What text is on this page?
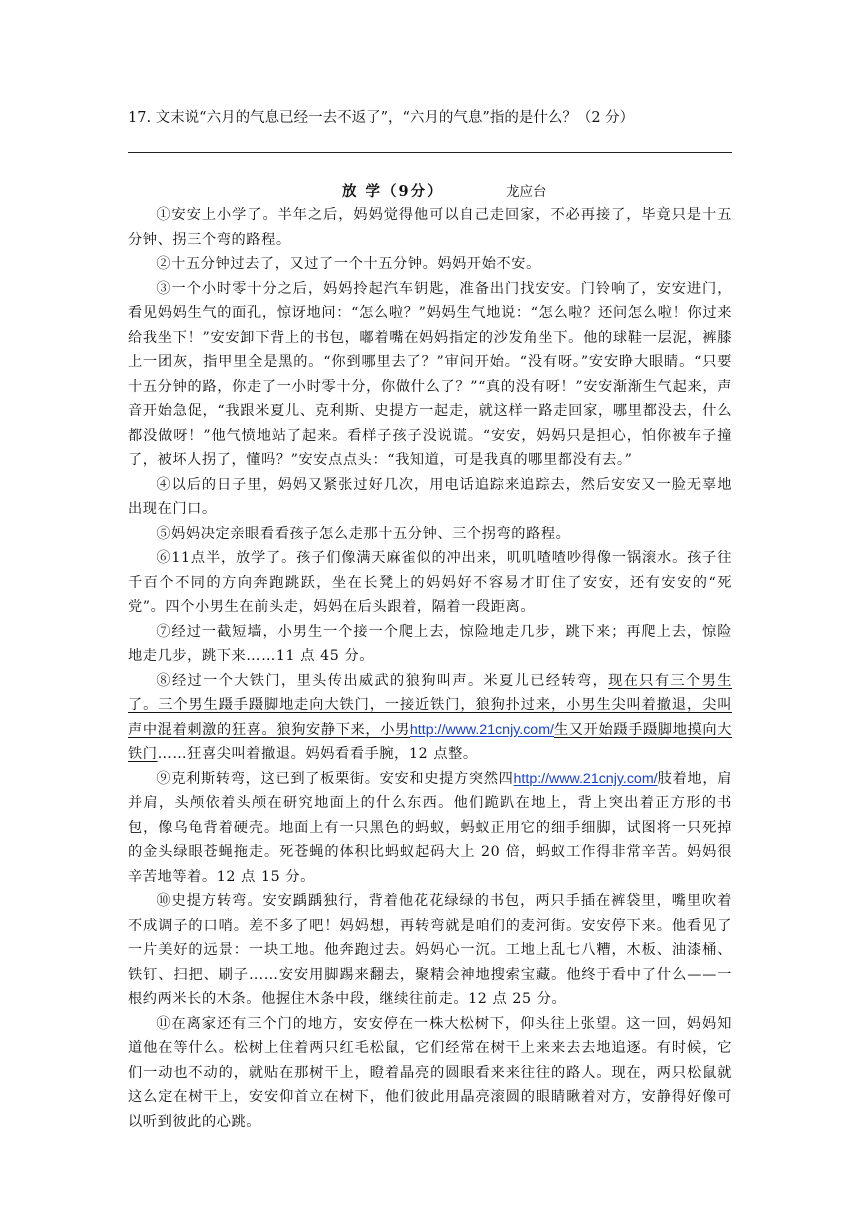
17. 文末说“六月的气息已经一去不返了”，“六月的气息”指的是什么？（2 分）
放 学（9分）	龙应台

①安安上小学了。半年之后，妈妈觉得他可以自己走回家，不必再接了，毕竟只是十五分钟、拐三个弯的路程。

②十五分钟过去了，又过了一个十五分钟。妈妈开始不安。

③一个小时零十分之后，妈妈拎起汽车钥匙，准备出门找安安。门铃响了，安安进门，看见妈妈生气的面孔，惊讶地问：“怎么啦？”妈妈生气地说：“怎么啦？还问怎么啦！你过来给我坐下！”安安卸下背上的书包，嘟着嘴在妈妈指定的沙发角坐下。他的球鞋一层泥，裤膝上一团灰，指甲里全是黑的。“你到哪里去了？”审问开始。“没有呀。”安安睁大眼睛。“只要十五分钟的路，你走了一小时零十分，你做什么了？”“真的没有呀！”安安渐渐生气起来，声音开始急促，“我跟米夏儿、克利斯、史提方一起走，就这样一路走回家，哪里都没去，什么都没做呀！”他气愤地站了起来。看样子孩子没说谎。“安安，妈妈只是担心，怕你被车子撞了，被坏人拐了，懂吗？”安安点点头：“我知道，可是我真的哪里都没有去。”

④以后的日子里，妈妈又紧张过好几次，用电话追踪来追踪去，然后安安又一脸无辜地出现在门口。

⑤妈妈决定亲眼看看孩子怎么走那十五分钟、三个拐弯的路程。

⑥11点半，放学了。孩子们像满天麻雀似的冲出来，叽叽喳喳吵得像一锅滚水。孩子往千百个不同的方向奔跑跳跃，坐在长凳上的妈妈好不容易才盯住了安安，还有安安的“死党”。四个小男生在前头走，妈妈在后头跟着，隔着一段距离。

⑦经过一截短墙，小男生一个接一个爬上去，惊险地走几步，跳下来；再爬上去，惊险地走几步，跳下来……11 点 45 分。

⑧经过一个大铁门，里头传出威武的狼狗叫声。米夏儿已经转弯，现在只有三个男生了。三个男生蹑手蹑脚地走向大铁门，一接近铁门，狼狗扑过来，小男生尖叫着撤退，尖叫声中混着刺激的狂喜。狼狗安静下来，小男http://www.21cnjy.com/生又开始蹑手蹑脚地摸向大铁门……狂喜尖叫着撤退。妈妈看看手腕，12 点整。

⑨克利斯转弯，这已到了板栗街。安安和史提方突然四http://www.21cnjy.com/肢着地，肩并肩，头颅依着头颅在研究地面上的什么东西。他们跪趴在地上，背上突出着正方形的书包，像乌龟背着硬壳。地面上有一只黑色的蚂蚁，蚂蚁正用它的细手细脚，试图将一只死掉的金头绿眼苍蝇拖走。死苍蝇的体积比蚂蚁起码大上 20 倍，蚂蚁工作得非常辛苦。妈妈很辛苦地等着。12 点 15 分。

⑩史提方转弯。安安踽踽独行，背着他花花绿绿的书包，两只手插在裤袋里，嘴里吹着不成调子的口哨。差不多了吧！妈妈想，再转弯就是咱们的麦河街。安安停下来。他看见了一片美好的远景：一块工地。他奔跑过去。妈妈心一沉。工地上乱七八糟，木板、油漆桶、铁钉、扫把、刷子……安安用脚踢来翻去，聚精会神地搜索宝藏。他终于看中了什么——一根约两米长的木条。他握住木条中段，继续往前走。12 点 25 分。

⑪在离家还有三个门的地方，安安停在一株大松树下，仰头往上张望。这一回，妈妈知道他在等什么。松树上住着两只红毛松鼠，它们经常在树干上来来去去地追逐。有时候，它们一动也不动的，就贴在那树干上，瞪着晶亮的圆眼看来来往往的路人。现在，两只松鼠就这么定在树干上，安安仰首立在树下，他们彼此用晶亮滚圆的眼睛瞅着对方，安静得好像可以听到彼此的心跳。
